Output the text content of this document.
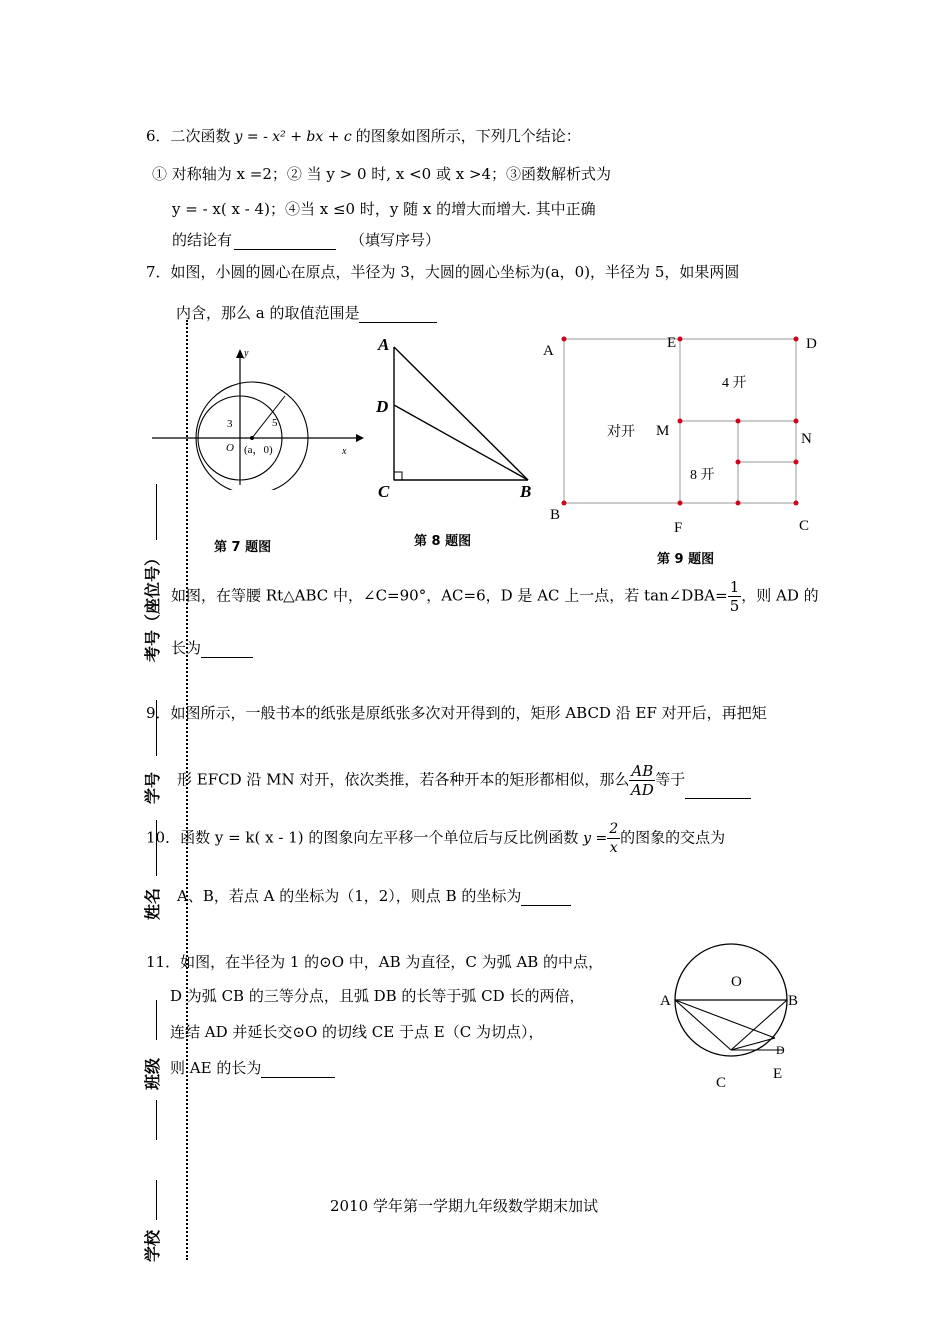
6．二次函数 y = - x² + bx + c 的图象如图所示，下列几个结论：
① 对称轴为 x =2；② 当 y > 0 时, x <0 或 x >4；③函数解析式为
y = - x( x - 4)；④当 x ≤0 时，y 随 x 的增大而增大. 其中正确
的结论有	（填写序号）
7．如图，小圆的圆心在原点，半径为 3，大圆的圆心坐标为(a，0)，半径为 5，如果两圆
内含，那么 a 的取值范围是
y
x
O
3	5
(a，0)
第 7 题图
A
D
C	B
第 8 题图
A	E	D
B
F	C
M	N
对开
4 开
8 开
第 9 题图
如图，在等腰 Rt△ABC 中，∠C=90°，AC=6，D 是 AC 上一点，若 tan∠DBA= $\frac{1}{5}$ ，则 AD 的
长为
9．如图所示，一般书本的纸张是原纸张多次对开得到的，矩形 ABCD 沿 EF 对开后，再把矩
形 EFCD 沿 MN 对开，依次类推，若各种开本的矩形都相似，那么 $\frac{AB}{AD}$ 等于
10．函数 y = k( x - 1) 的图象向左平移一个单位后与反比例函数 $y = \frac{2}{x}$ 的图象的交点为
A、B，若点 A 的坐标为（1，2），则点 B 的坐标为
11．如图，在半径为 1 的⊙O 中，AB 为直径，C 为弧 AB 的中点，
D 为弧 CB 的三等分点，且弧 DB 的长等于弧 CD 长的两倍，
连结 AD 并延长交⊙O 的切线 CE 于点 E（C 为切点），
则 AE 的长为
O
A	B
D
C
E
考号（座位号）
学号
姓名
班级
学校
2010 学年第一学期九年级数学期末加试
